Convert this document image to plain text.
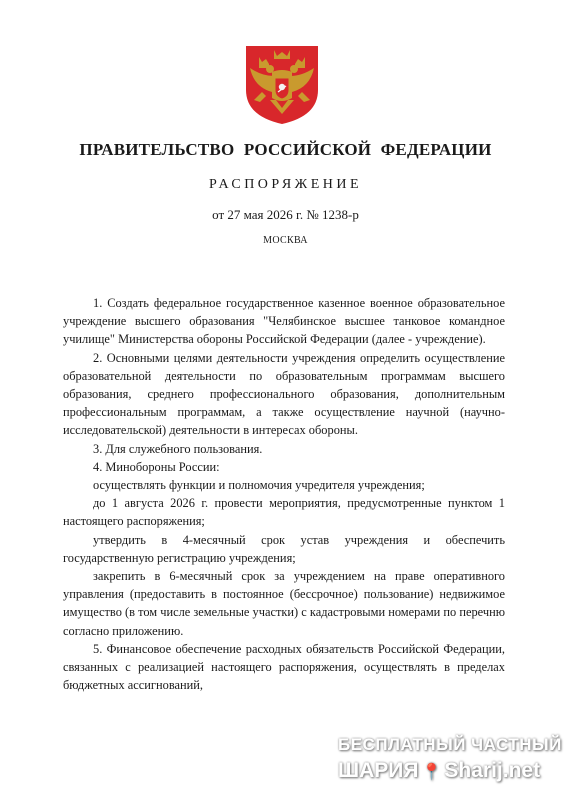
ПРАВИТЕЛЬСТВО РОССИЙСКОЙ ФЕДЕРАЦИИ
РАСПОРЯЖЕНИЕ
от 27 мая 2026 г. № 1238-р
МОСКВА

1. Создать федеральное государственное казенное военное образовательное учреждение высшего образования "Челябинское высшее танковое командное училище" Министерства обороны Российской Федерации (далее - учреждение).

2. Основными целями деятельности учреждения определить осуществление образовательной деятельности по образовательным программам высшего образования, среднего профессионального образования, дополнительным профессиональным программам, а также осуществление научной (научно-исследовательской) деятельности в интересах обороны.

3. Для служебного пользования.

4. Минобороны России:

осуществлять функции и полномочия учредителя учреждения;

до 1 августа 2026 г. провести мероприятия, предусмотренные пунктом 1 настоящего распоряжения;

утвердить в 4-месячный срок устав учреждения и обеспечить государственную регистрацию учреждения;

закрепить в 6-месячный срок за учреждением на праве оперативного управления (предоставить в постоянное (бессрочное) пользование) недвижимое имущество (в том числе земельные участки) с кадастровыми номерами по перечню согласно приложению.

5. Финансовое обеспечение расходных обязательств Российской Федерации, связанных с реализацией настоящего распоряжения, осуществлять в пределах бюджетных ассигнований,

БЕСПЛАТНЫЙ ЧАСТНЫЙ
ШАРИЯ 📍 Sharij.net
